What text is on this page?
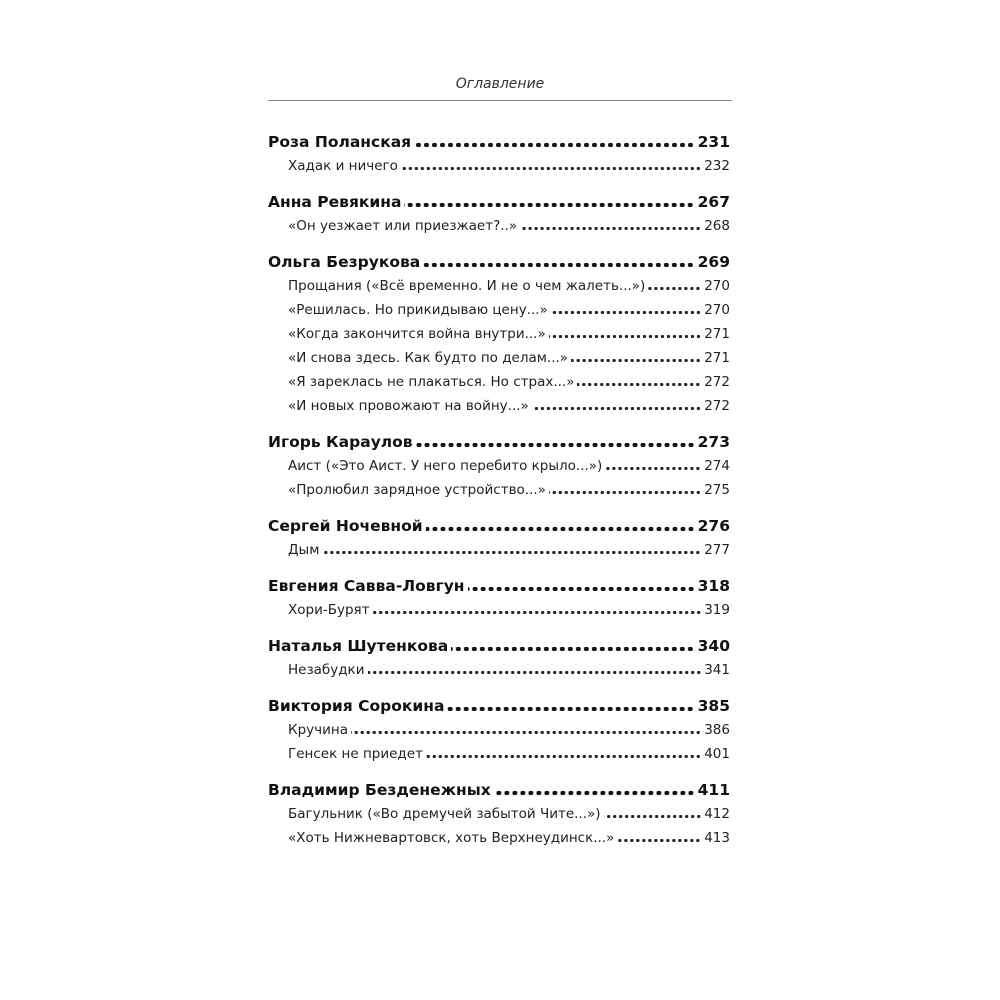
Оглавление
Роза Поланская	231
Хадак и ничего	232
Анна Ревякина	267
«Он уезжает или приезжает?..»	268
Ольга Безрукова	269
Прощания («Всё временно. И не о чем жалеть...»)	270
«Решилась. Но прикидываю цену...»	270
«Когда закончится война внутри...»	271
«И снова здесь. Как будто по делам...»	271
«Я зареклась не плакаться. Но страх...»	272
«И новых провожают на войну...»	272
Игорь Караулов	273
Аист («Это Аист. У него перебито крыло...»)	274
«Пролюбил зарядное устройство...»	275
Сергей Ночевной	276
Дым	277
Евгения Савва-Ловгун	318
Хори-Бурят	319
Наталья Шутенкова	340
Незабудки	341
Виктория Сорокина	385
Кручина	386
Генсек не приедет	401
Владимир Безденежных	411
Багульник («Во дремучей забытой Чите...»)	412
«Хоть Нижневартовск, хоть Верхнеудинск...»	413
